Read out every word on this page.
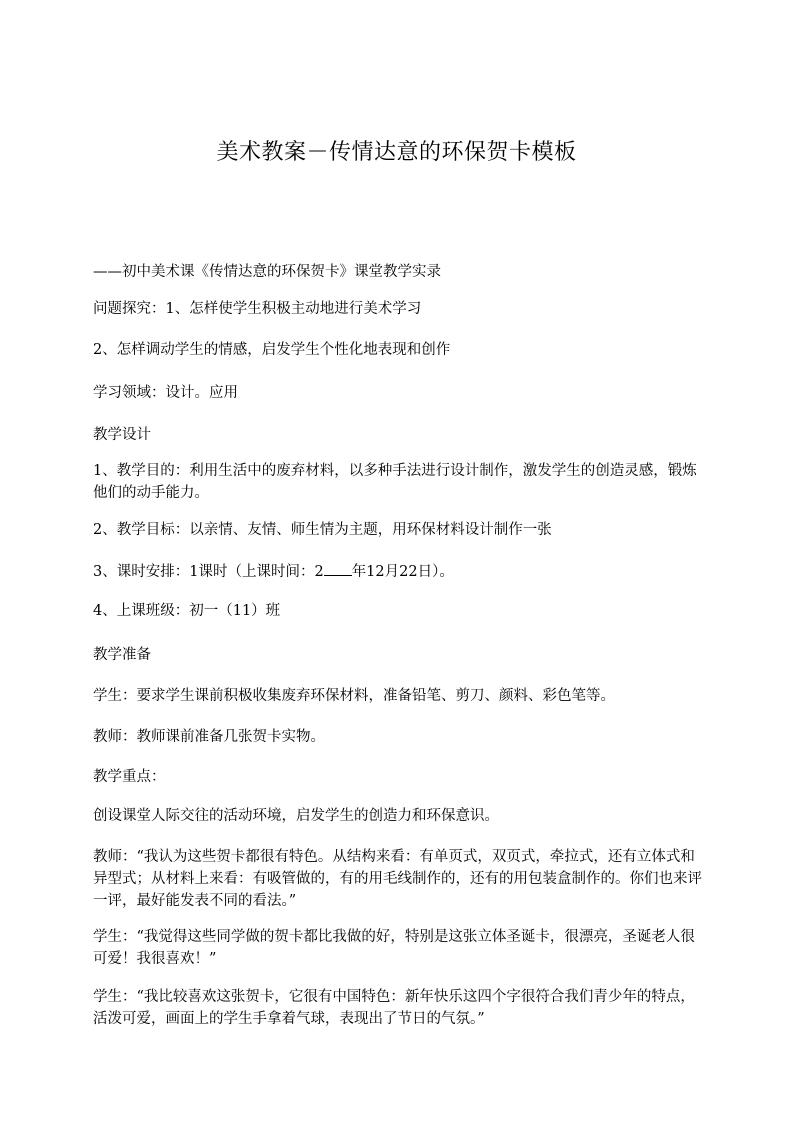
美术教案－传情达意的环保贺卡模板
——初中美术课《传情达意的环保贺卡》课堂教学实录
问题探究：1、怎样使学生积极主动地进行美术学习
2、怎样调动学生的情感，启发学生个性化地表现和创作
学习领域：设计。应用
教学设计
1、教学目的：利用生活中的废弃材料，以多种手法进行设计制作，激发学生的创造灵感，锻炼他们的动手能力。
2、教学目标：以亲情、友情、师生情为主题，用环保材料设计制作一张
3、课时安排：1课时（上课时间：2 年12月22日）。
4、上课班级：初一（11）班
教学准备
学生：要求学生课前积极收集废弃环保材料，准备铅笔、剪刀、颜料、彩色笔等。
教师：教师课前准备几张贺卡实物。
教学重点：
创设课堂人际交往的活动环境，启发学生的创造力和环保意识。
教师：“我认为这些贺卡都很有特色。从结构来看：有单页式，双页式，牵拉式，还有立体式和异型式；从材料上来看：有吸管做的，有的用毛线制作的，还有的用包装盒制作的。你们也来评一评，最好能发表不同的看法。”
学生：“我觉得这些同学做的贺卡都比我做的好，特别是这张立体圣诞卡，很漂亮，圣诞老人很可爱！我很喜欢！”
学生：“我比较喜欢这张贺卡，它很有中国特色：新年快乐这四个字很符合我们青少年的特点，活泼可爱，画面上的学生手拿着气球，表现出了节日的气氛。”
